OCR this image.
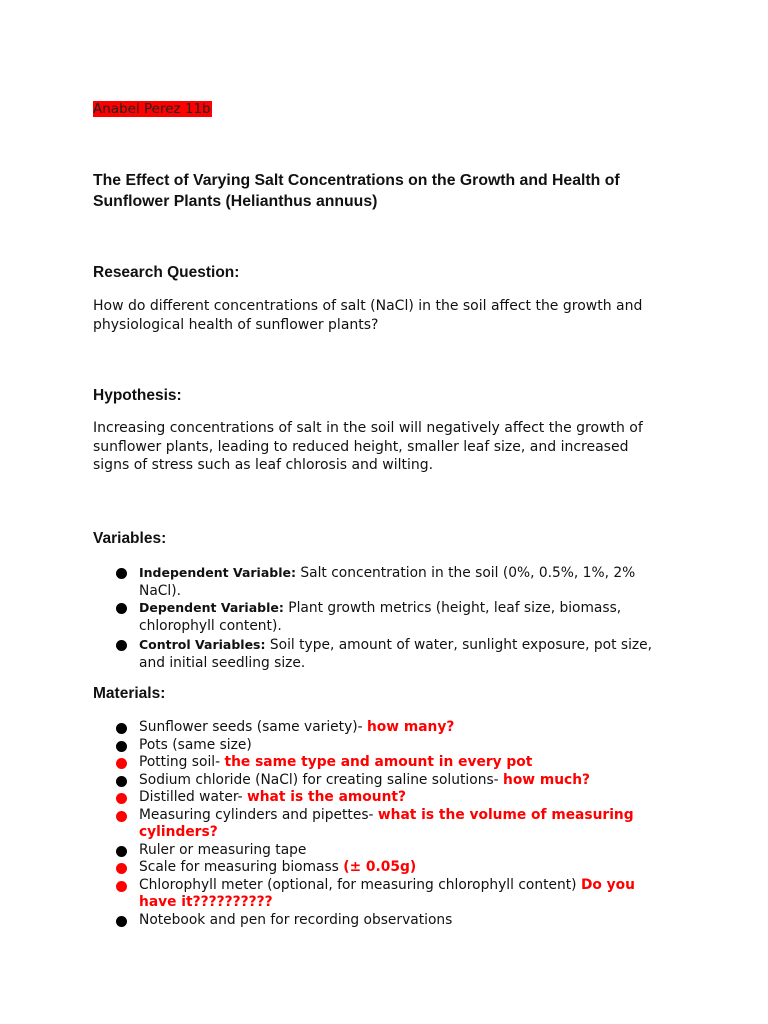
Anabel Perez 11b
The Effect of Varying Salt Concentrations on the Growth and Health of Sunflower Plants (Helianthus annuus)
Research Question:

How do different concentrations of salt (NaCl) in the soil affect the growth and physiological health of sunflower plants?

Hypothesis:

Increasing concentrations of salt in the soil will negatively affect the growth of sunflower plants, leading to reduced height, smaller leaf size, and increased signs of stress such as leaf chlorosis and wilting.

Variables:
Independent Variable: Salt concentration in the soil (0%, 0.5%, 1%, 2% NaCl).
Dependent Variable: Plant growth metrics (height, leaf size, biomass, chlorophyll content).
Control Variables: Soil type, amount of water, sunlight exposure, pot size, and initial seedling size.
Materials:
Sunflower seeds (same variety)- how many?
Pots (same size)
Potting soil- the same type and amount in every pot
Sodium chloride (NaCl) for creating saline solutions- how much?
Distilled water- what is the amount?
Measuring cylinders and pipettes- what is the volume of measuring cylinders?
Ruler or measuring tape
Scale for measuring biomass (± 0.05g)
Chlorophyll meter (optional, for measuring chlorophyll content) Do you have it??????????
Notebook and pen for recording observations
